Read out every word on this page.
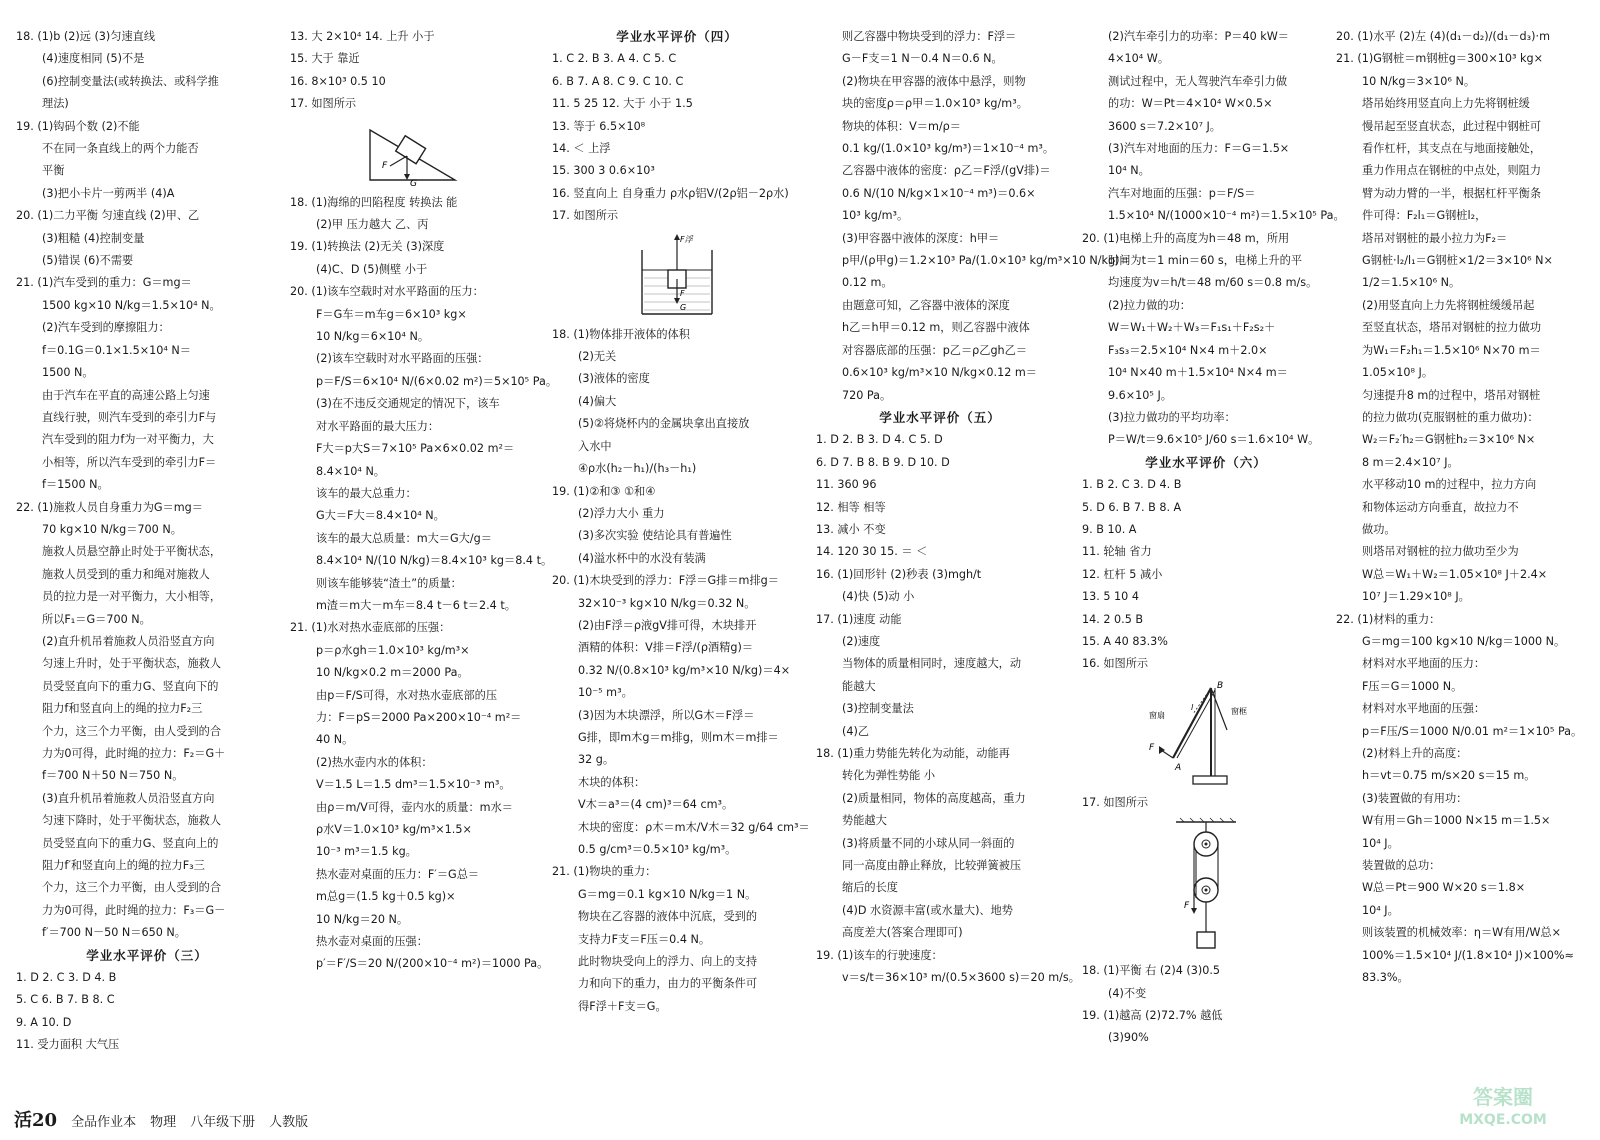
18. (1)b (2)远 (3)匀速直线
(4)速度相同 (5)不是
(6)控制变量法(或转换法、或科学推
理法)
19. (1)钩码个数 (2)不能
不在同一条直线上的两个力能否
平衡
(3)把小卡片一剪两半 (4)A
20. (1)二力平衡 匀速直线 (2)甲、乙
(3)粗糙 (4)控制变量
(5)错误 (6)不需要
21. (1)汽车受到的重力：G＝mg＝
1500 kg×10 N/kg＝1.5×10⁴ N。
(2)汽车受到的摩擦阻力：
f＝0.1G＝0.1×1.5×10⁴ N＝
1500 N。
由于汽车在平直的高速公路上匀速
直线行驶，则汽车受到的牵引力F与
汽车受到的阻力f为一对平衡力，大
小相等，所以汽车受到的牵引力F＝
f＝1500 N。
22. (1)施救人员自身重力为G＝mg＝
70 kg×10 N/kg＝700 N。
施救人员悬空静止时处于平衡状态，
施救人员受到的重力和绳对施救人
员的拉力是一对平衡力，大小相等，
所以F₁＝G＝700 N。
(2)直升机吊着施救人员沿竖直方向
匀速上升时，处于平衡状态，施救人
员受竖直向下的重力G、竖直向下的
阻力f和竖直向上的绳的拉力F₂三
个力，这三个力平衡，由人受到的合
力为0可得，此时绳的拉力：F₂＝G＋
f＝700 N＋50 N＝750 N。
(3)直升机吊着施救人员沿竖直方向
匀速下降时，处于平衡状态，施救人
员受竖直向下的重力G、竖直向上的
阻力f′和竖直向上的绳的拉力F₃三
个力，这三个力平衡，由人受到的合
力为0可得，此时绳的拉力：F₃＝G－
f′＝700 N－50 N＝650 N。
学业水平评价（三）
1. D 2. C 3. D 4. B
5. C 6. B 7. B 8. C
9. A 10. D
11. 受力面积 大气压
13. 大 2×10⁴ 14. 上升 小于
15. 大于 靠近
16. 8×10³ 0.5 10
17. 如图所示
F
G
18. (1)海绵的凹陷程度 转换法 能
(2)甲 压力越大 乙、丙
19. (1)转换法 (2)无关 (3)深度
(4)C、D (5)侧壁 小于
20. (1)该车空载时对水平路面的压力：
F＝G车＝m车g＝6×10³ kg×
10 N/kg＝6×10⁴ N。
(2)该车空载时对水平路面的压强：
p＝F/S＝6×10⁴ N/(6×0.02 m²)＝5×10⁵ Pa。
(3)在不违反交通规定的情况下，该车
对水平路面的最大压力：
F大＝p大S＝7×10⁵ Pa×6×0.02 m²＝
8.4×10⁴ N。
该车的最大总重力：
G大＝F大＝8.4×10⁴ N。
该车的最大总质量：m大＝G大/g＝
8.4×10⁴ N/(10 N/kg)＝8.4×10³ kg＝8.4 t。
则该车能够装“渣土”的质量：
m渣＝m大－m车＝8.4 t－6 t＝2.4 t。
21. (1)水对热水壶底部的压强：
p＝ρ水gh＝1.0×10³ kg/m³×
10 N/kg×0.2 m＝2000 Pa。
由p＝F/S可得，水对热水壶底部的压
力：F＝pS＝2000 Pa×200×10⁻⁴ m²＝
40 N。
(2)热水壶内水的体积：
V＝1.5 L＝1.5 dm³＝1.5×10⁻³ m³。
由ρ＝m/V可得，壶内水的质量：m水＝
ρ水V＝1.0×10³ kg/m³×1.5×
10⁻³ m³＝1.5 kg。
热水壶对桌面的压力：F′＝G总＝
m总g＝(1.5 kg＋0.5 kg)×
10 N/kg＝20 N。
热水壶对桌面的压强：
p′＝F′/S＝20 N/(200×10⁻⁴ m²)＝1000 Pa。
学业水平评价（四）
1. C 2. B 3. A 4. C 5. C
6. B 7. A 8. C 9. C 10. C
11. 5 25 12. 大于 小于 1.5
13. 等于 6.5×10⁸
14. ＜ 上浮
15. 300 3 0.6×10³
16. 竖直向上 自身重力 ρ水ρ铝V/(2ρ铝－2ρ水)
17. 如图所示
F浮
F
G
18. (1)物体排开液体的体积
(2)无关
(3)液体的密度
(4)偏大
(5)②将烧杯内的金属块拿出直接放
入水中
④ρ水(h₂－h₁)/(h₃－h₁)
19. (1)②和③ ①和④
(2)浮力大小 重力
(3)多次实验 使结论具有普遍性
(4)溢水杯中的水没有装满
20. (1)木块受到的浮力：F浮＝G排＝m排g＝
32×10⁻³ kg×10 N/kg＝0.32 N。
(2)由F浮＝ρ液gV排可得，木块排开
酒精的体积：V排＝F浮/(ρ酒精g)＝
0.32 N/(0.8×10³ kg/m³×10 N/kg)＝4×
10⁻⁵ m³。
(3)因为木块漂浮，所以G木＝F浮＝
G排，即m木g＝m排g，则m木＝m排＝
32 g。
木块的体积：
V木＝a³＝(4 cm)³＝64 cm³。
木块的密度：ρ木＝m木/V木＝32 g/64 cm³＝
0.5 g/cm³＝0.5×10³ kg/m³。
21. (1)物块的重力：
G＝mg＝0.1 kg×10 N/kg＝1 N。
物块在乙容器的液体中沉底，受到的
支持力F支＝F压＝0.4 N。
此时物块受向上的浮力、向上的支持
力和向下的重力，由力的平衡条件可
得F浮＋F支＝G。
则乙容器中物块受到的浮力：F浮＝
G－F支＝1 N－0.4 N＝0.6 N。
(2)物块在甲容器的液体中悬浮，则物
块的密度ρ＝ρ甲＝1.0×10³ kg/m³。
物块的体积：V＝m/ρ＝
0.1 kg/(1.0×10³ kg/m³)＝1×10⁻⁴ m³。
乙容器中液体的密度：ρ乙＝F浮/(gV排)＝
0.6 N/(10 N/kg×1×10⁻⁴ m³)＝0.6×
10³ kg/m³。
(3)甲容器中液体的深度：h甲＝
p甲/(ρ甲g)＝1.2×10³ Pa/(1.0×10³ kg/m³×10 N/kg)＝
0.12 m。
由题意可知，乙容器中液体的深度
h乙＝h甲＝0.12 m，则乙容器中液体
对容器底部的压强：p乙＝ρ乙gh乙＝
0.6×10³ kg/m³×10 N/kg×0.12 m＝
720 Pa。
学业水平评价（五）
1. D 2. B 3. D 4. C 5. D
6. D 7. B 8. B 9. D 10. D
11. 360 96
12. 相等 相等
13. 减小 不变
14. 120 30 15. ＝ ＜
16. (1)回形针 (2)秒表 (3)mgh/t
(4)快 (5)动 小
17. (1)速度 动能
(2)速度
当物体的质量相同时，速度越大，动
能越大
(3)控制变量法
(4)乙
18. (1)重力势能先转化为动能，动能再
转化为弹性势能 小
(2)质量相同，物体的高度越高，重力
势能越大
(3)将质量不同的小球从同一斜面的
同一高度由静止释放，比较弹簧被压
缩后的长度
(4)D 水资源丰富(或水量大)、地势
高度差大(答案合理即可)
19. (1)该车的行驶速度：
v＝s/t＝36×10³ m/(0.5×3600 s)＝20 m/s。
(2)汽车牵引力的功率：P＝40 kW＝
4×10⁴ W。
测试过程中，无人驾驶汽车牵引力做
的功：W＝Pt＝4×10⁴ W×0.5×
3600 s＝7.2×10⁷ J。
(3)汽车对地面的压力：F＝G＝1.5×
10⁴ N。
汽车对地面的压强：p＝F/S＝
1.5×10⁴ N/(1000×10⁻⁴ m²)＝1.5×10⁵ Pa。
20. (1)电梯上升的高度为h＝48 m，所用
时间为t＝1 min＝60 s，电梯上升的平
均速度为v＝h/t＝48 m/60 s＝0.8 m/s。
(2)拉力做的功：
W＝W₁＋W₂＋W₃＝F₁s₁＋F₂s₂＋
F₃s₃＝2.5×10⁴ N×4 m＋2.0×
10⁴ N×40 m＋1.5×10⁴ N×4 m＝
9.6×10⁵ J。
(3)拉力做功的平均功率：
P＝W/t＝9.6×10⁵ J/60 s＝1.6×10⁴ W。
学业水平评价（六）
1. B 2. C 3. D 4. B
5. D 6. B 7. B 8. A
9. B 10. A
11. 轮轴 省力
12. 杠杆 5 减小
13. 5 10 4
14. 2 0.5 B
15. A 40 83.3%
16. 如图所示
B
窗扇	窗框
l
F
A
17. 如图所示
F
18. (1)平衡 右 (2)4 (3)0.5
(4)不变
19. (1)越高 (2)72.7% 越低
(3)90%
20. (1)水平 (2)左 (4)(d₁－d₂)/(d₁－d₃)·m
21. (1)G钢桩＝m钢桩g＝300×10³ kg×
10 N/kg＝3×10⁶ N。
塔吊始终用竖直向上力先将钢桩缓
慢吊起至竖直状态，此过程中钢桩可
看作杠杆，其支点在与地面接触处，
重力作用点在钢桩的中点处，则阻力
臂为动力臂的一半，根据杠杆平衡条
件可得：F₂l₁＝G钢桩l₂，
塔吊对钢桩的最小拉力为F₂＝
G钢桩·l₂/l₁＝G钢桩×1/2＝3×10⁶ N×
1/2＝1.5×10⁶ N。
(2)用竖直向上力先将钢桩缓缓吊起
至竖直状态，塔吊对钢桩的拉力做功
为W₁＝F₂h₁＝1.5×10⁶ N×70 m＝
1.05×10⁸ J。
匀速提升8 m的过程中，塔吊对钢桩
的拉力做功(克服钢桩的重力做功)：
W₂＝F₂′h₂＝G钢桩h₂＝3×10⁶ N×
8 m＝2.4×10⁷ J。
水平移动10 m的过程中，拉力方向
和物体运动方向垂直，故拉力不
做功。
则塔吊对钢桩的拉力做功至少为
W总＝W₁＋W₂＝1.05×10⁸ J＋2.4×
10⁷ J＝1.29×10⁸ J。
22. (1)材料的重力：
G＝mg＝100 kg×10 N/kg＝1000 N。
材料对水平地面的压力：
F压＝G＝1000 N。
材料对水平地面的压强：
p＝F压/S＝1000 N/0.01 m²＝1×10⁵ Pa。
(2)材料上升的高度：
h＝vt＝0.75 m/s×20 s＝15 m。
(3)装置做的有用功：
W有用＝Gh＝1000 N×15 m＝1.5×
10⁴ J。
装置做的总功：
W总＝Pt＝900 W×20 s＝1.8×
10⁴ J。
则该装置的机械效率：η＝W有用/W总×
100%＝1.5×10⁴ J/(1.8×10⁴ J)×100%≈
83.3%。
活20 全品作业本 物理 八年级下册 人教版
答案圈
MXQE.COM
